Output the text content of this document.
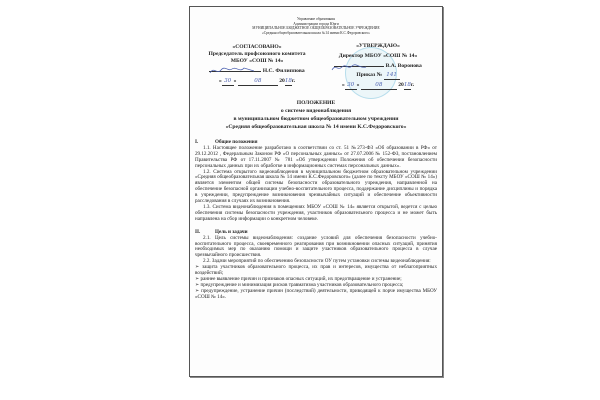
Управление образования
Администрации города Юрги
МУНИЦИПАЛЬНОЕ БЮДЖЕТНОЕ ОБЩЕОБРАЗОВАТЕЛЬНОЕ УЧРЕЖДЕНИЕ
«Средняя общеобразовательная школа №14 имени К.С.Федоровского»
«СОГЛАСОВАНО»
Председатель профсоюзного комитета
МБОУ «СОШ № 14»
Н.С. Филиппова
« 30 »	08	2018г.
«УТВЕРЖДАЮ»
Директор МБОУ «СОШ № 14»
В.А. Воронова
Приказ № 141
« 30 »	08	2018г.
ПОЛОЖЕНИЕ
о системе видеонаблюдения
в муниципальном бюджетном общеобразовательном учреждении
«Средняя общеобразовательная школа № 14 имени К.С.Федоровского»
I.	Общие положения
1.1. Настоящее положение разработано в соответствии со ст. 51 №273-ФЗ «Об образовании в РФ» от 29.12.2012 , Федеральным Законом РФ «О персональных данных» от 27.07.2006 № 152-ФЗ, постановлением Правительства РФ от 17.11.2007 № 781 «Об утверждении Положения об обеспечении безопасности персональных данных при их обработке в информационных системах персональных данных».
1.2. Система открытого видеонаблюдения в муниципальном бюджетном образовательном учреждении «Средняя общеобразовательная школа № 14 имени К.С.Федоровского» (далее по тексту МБОУ «СОШ № 14») является элементом общей системы безопасности образовательного учреждения, направленной на обеспечение безопасной организации учебно-воспитательного процесса, поддержание дисциплины и порядка в учреждении, предупреждение возникновения чрезвычайных ситуаций и обеспечение объективности расследования в случаях их возникновения.
1.3. Система видеонаблюдения в помещениях МБОУ «СОШ № 14» является открытой, ведется с целью обеспечения системы безопасности учреждения, участников образовательного процесса и не может быть направлена на сбор информации о конкретном человеке.
II.	Цель и задачи
2.1. Цель системы видеонаблюдения: создание условий для обеспечения безопасности учебно-воспитательного процесса, своевременного реагирования при возникновении опасных ситуаций, принятия необходимых мер по оказанию помощи и защите участников образовательного процесса в случае чрезвычайного происшествия.
2.2. Задачи мероприятий по обеспечению безопасности ОУ путем установки системы видеонаблюдения:
➢ защита участников образовательного процесса, их прав и интересов, имущества от неблагоприятных воздействий;
➢ раннее выявление причин и признаков опасных ситуаций, их предотвращение и устранение;
➢ предупреждение и минимизация рисков травматизма участников образовательного процесса;
➢ предупреждение, устранение причин (последствий) деятельности, приводящей к порче имущества МБОУ «СОШ № 14».
